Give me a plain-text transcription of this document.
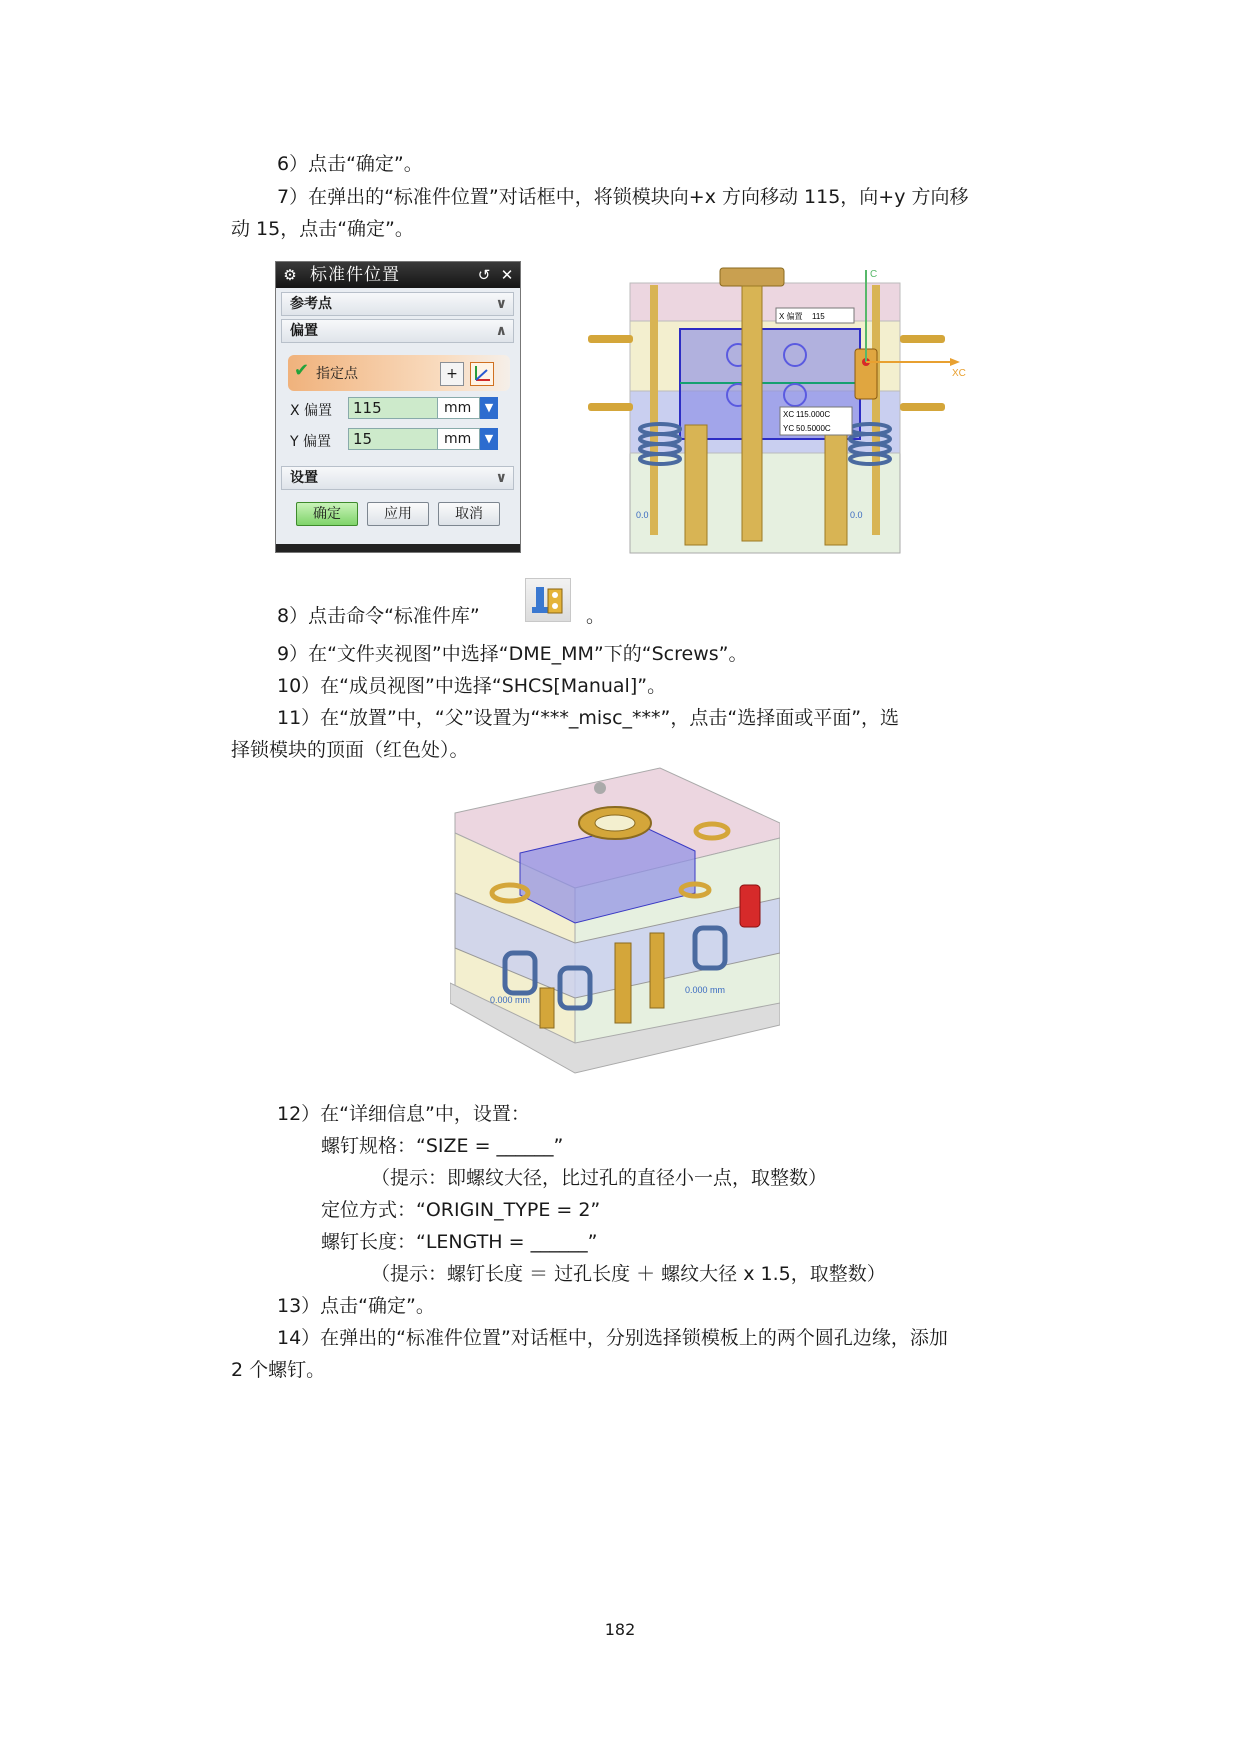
6）点击“确定”。
7）在弹出的“标准件位置”对话框中，将锁模块向+x 方向移动 115，向+y 方向移
动 15，点击“确定”。
⚙ 标准件位置	↺ ✕
参考点	∨
偏置	∧
✔ 指定点	+
X 偏置	115	mm	▼
Y 偏置	15	mm	▼
设置	∨
确定	应用	取消
C
XC
X 偏置 115
XC 115.000C
YC 50.5000C
0.0	0.0
8）点击命令“标准件库”	。
9）在“文件夹视图”中选择“DME_MM”下的“Screws”。
10）在“成员视图”中选择“SHCS[Manual]”。
11）在“放置”中，“父”设置为“***_misc_***”，点击“选择面或平面”，选
择锁模块的顶面（红色处）。
0.000 mm
0.000 mm
12）在“详细信息”中，设置：
螺钉规格：“SIZE = ______”
（提示：即螺纹大径，比过孔的直径小一点，取整数）
定位方式：“ORIGIN_TYPE = 2”
螺钉长度：“LENGTH = ______”
（提示：螺钉长度 ＝ 过孔长度 ＋ 螺纹大径 x 1.5，取整数）
13）点击“确定”。
14）在弹出的“标准件位置”对话框中，分别选择锁模板上的两个圆孔边缘，添加
2 个螺钉。
182
